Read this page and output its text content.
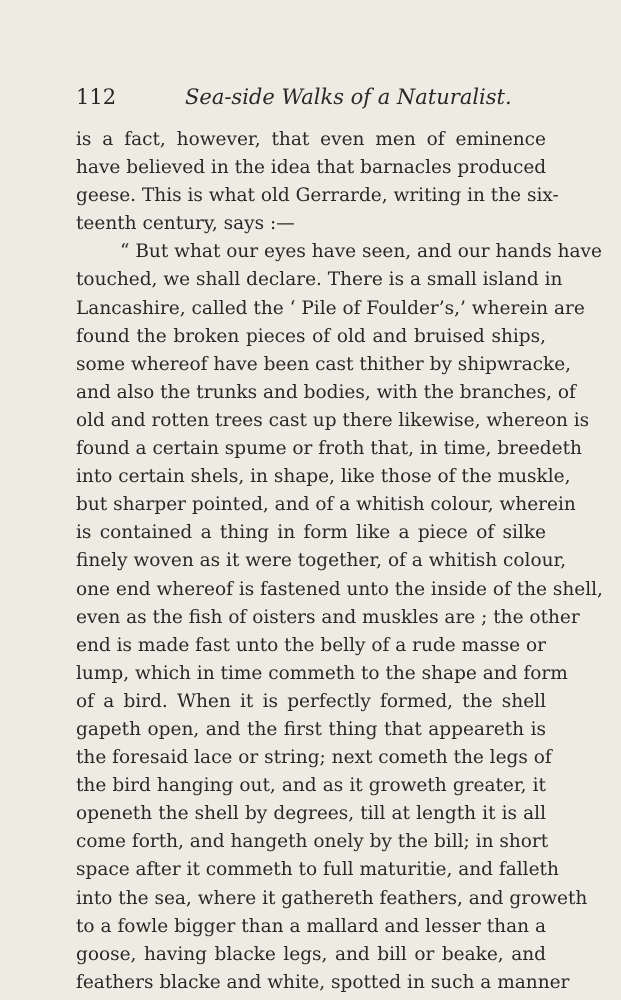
112	Sea-side Walks of a Naturalist.
is a fact, however, that even men of eminence
have believed in the idea that barnacles produced
geese. This is what old Gerrarde, writing in the six-
teenth century, says :—
“ But what our eyes have seen, and our hands have
touched, we shall declare. There is a small island in
Lancashire, called the ‘ Pile of Foulder’s,’ wherein are
found the broken pieces of old and bruised ships,
some whereof have been cast thither by shipwracke,
and also the trunks and bodies, with the branches, of
old and rotten trees cast up there likewise, whereon is
found a certain spume or froth that, in time, breedeth
into certain shels, in shape, like those of the muskle,
but sharper pointed, and of a whitish colour, wherein
is contained a thing in form like a piece of silke
finely woven as it were together, of a whitish colour,
one end whereof is fastened unto the inside of the shell,
even as the fish of oisters and muskles are ; the other
end is made fast unto the belly of a rude masse or
lump, which in time commeth to the shape and form
of a bird. When it is perfectly formed, the shell
gapeth open, and the first thing that appeareth is
the foresaid lace or string; next cometh the legs of
the bird hanging out, and as it groweth greater, it
openeth the shell by degrees, till at length it is all
come forth, and hangeth onely by the bill; in short
space after it commeth to full maturitie, and falleth
into the sea, where it gathereth feathers, and groweth
to a fowle bigger than a mallard and lesser than a
goose, having blacke legs, and bill or beake, and
feathers blacke and white, spotted in such a manner
